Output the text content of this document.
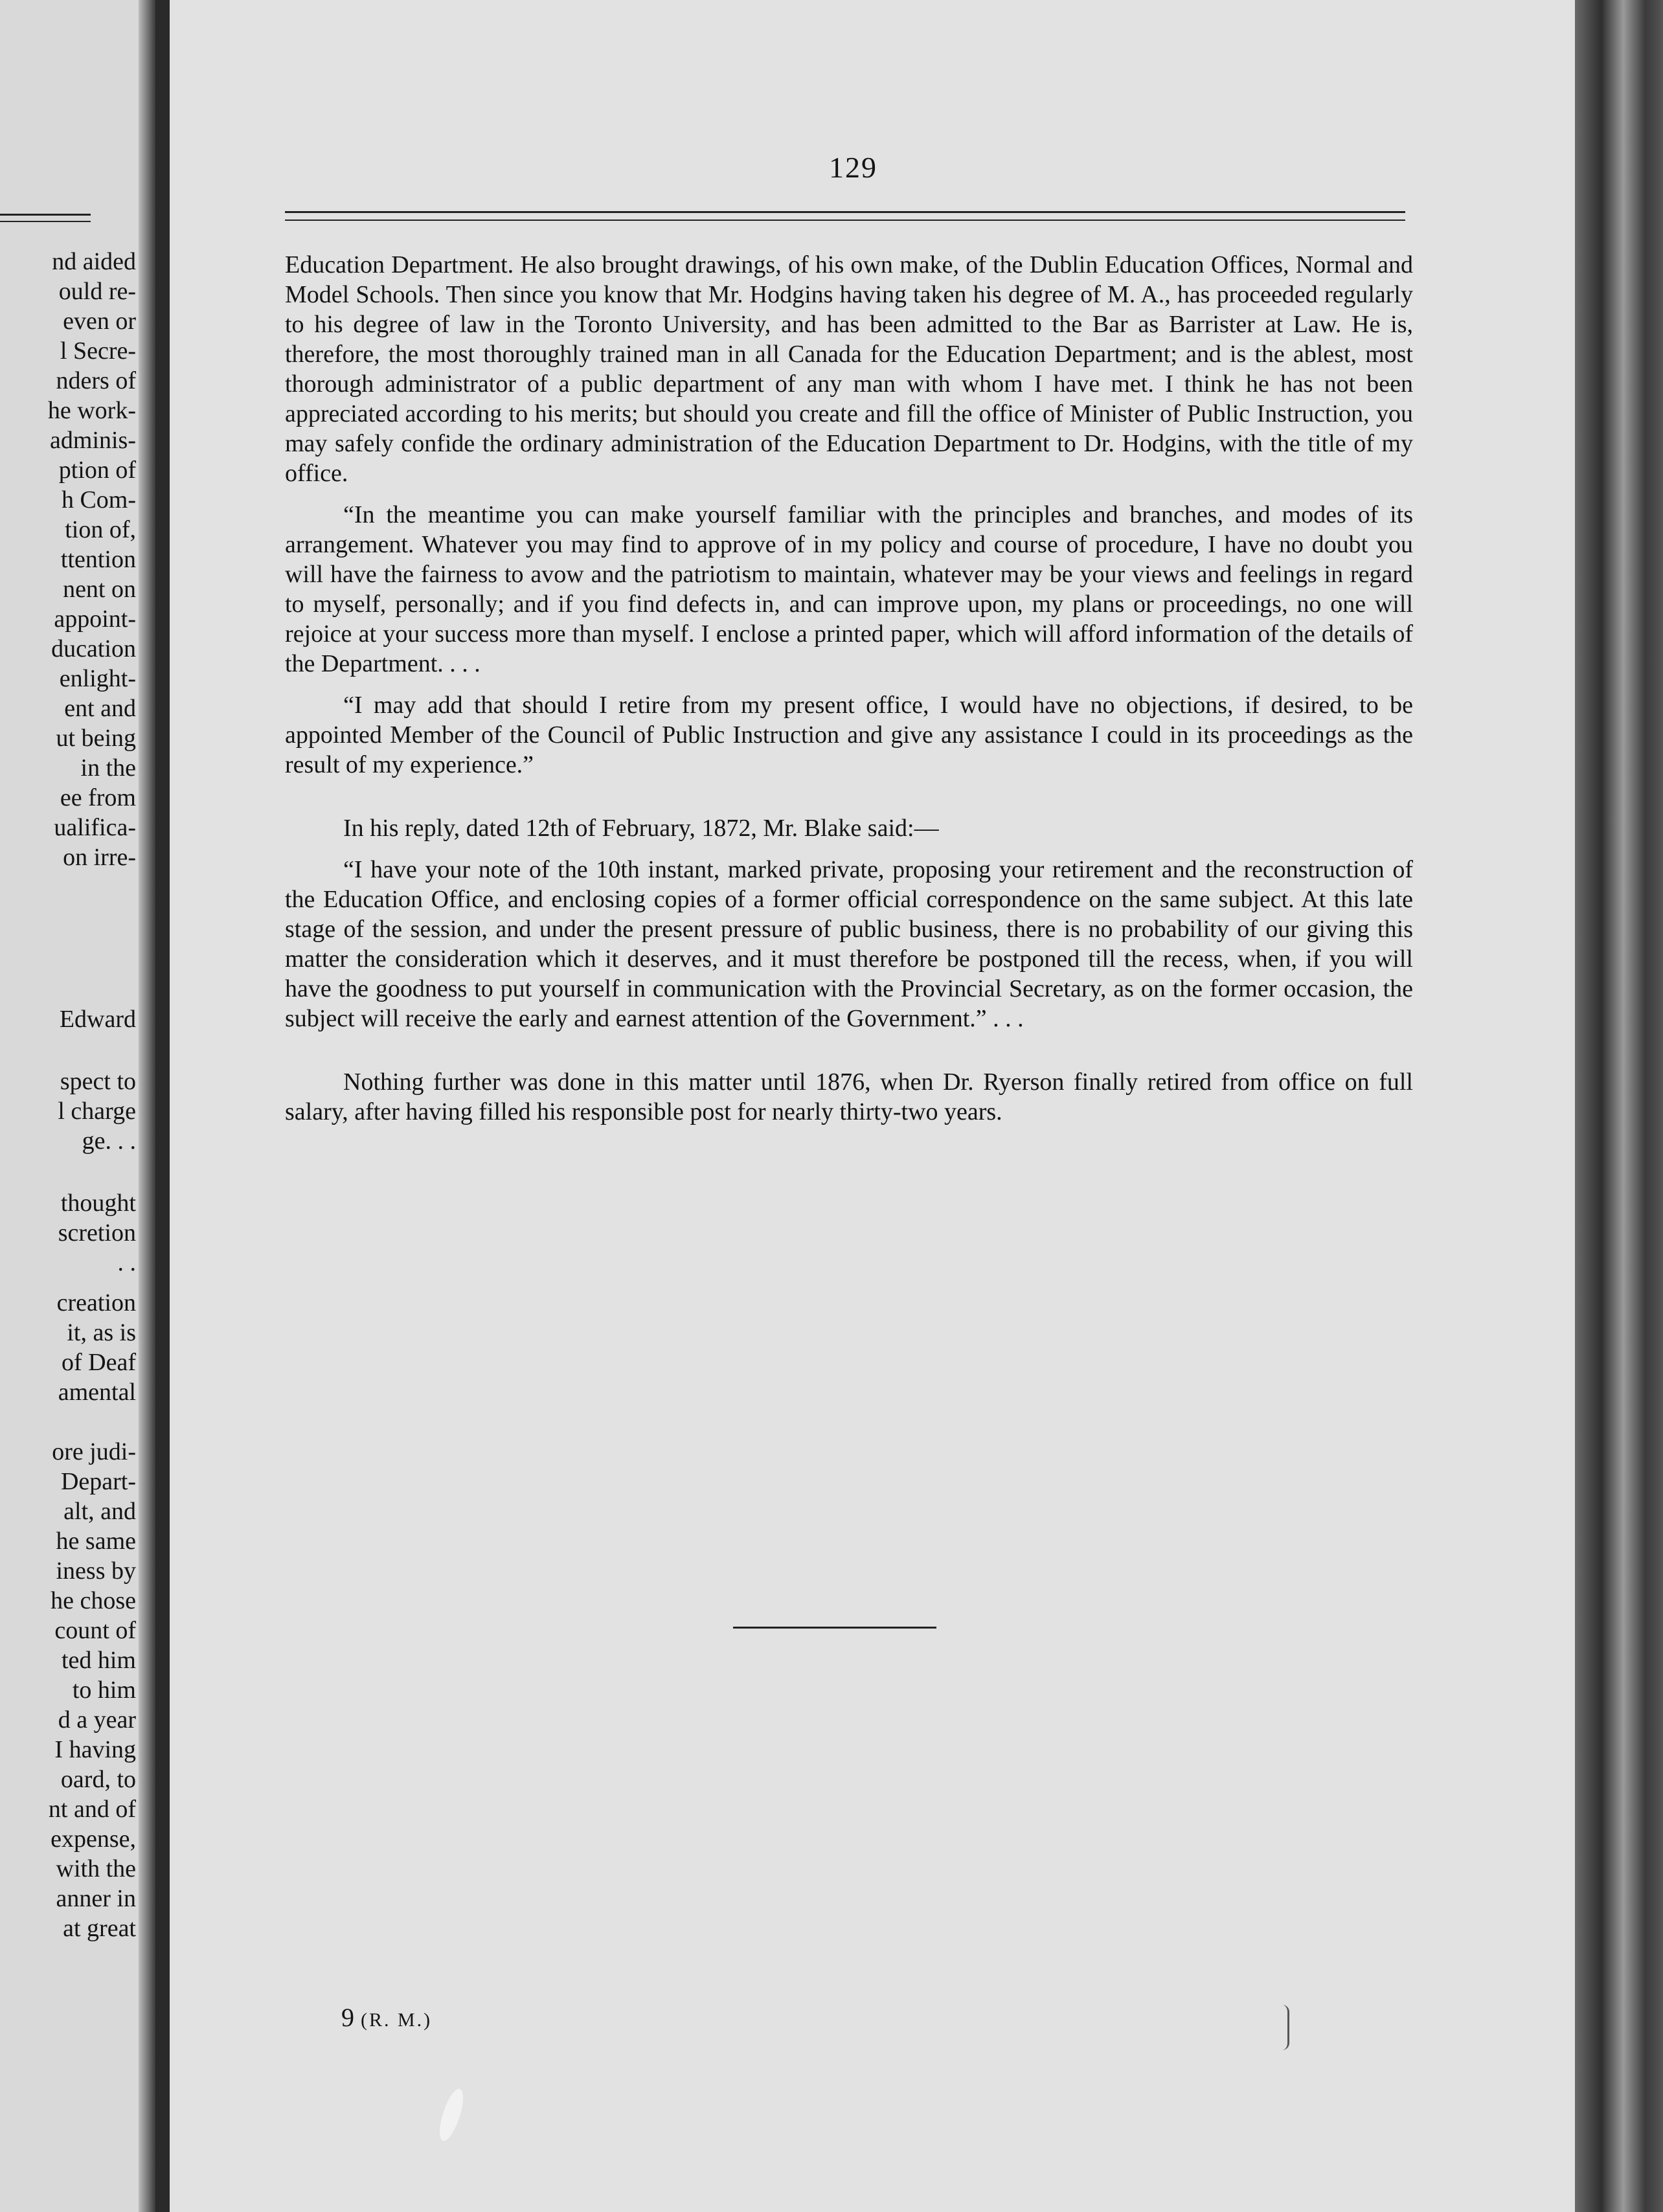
nd aided
ould re-
even or
l Secre-
nders of
he work-
adminis-
ption of
h Com-
tion of,
ttention
nent on
appoint-
ducation
enlight-
ent and
ut being
in the
ee from
ualifica-
on irre-
Edward
spect to
l charge
ge. . .
thought
scretion
. .
creation
it, as is
of Deaf
amental
ore judi-
Depart-
alt, and
he same
iness by
he chose
count of
ted him
to him
d a year
I having
oard, to
nt and of
expense,
with the
anner in
at great
129

Education Department. He also brought drawings, of his own make, of the Dublin Education Offices, Normal and Model Schools. Then since you know that Mr. Hodgins having taken his degree of M. A., has proceeded regularly to his degree of law in the Toronto University, and has been admitted to the Bar as Barrister at Law. He is, therefore, the most thoroughly trained man in all Canada for the Education Department; and is the ablest, most thorough administrator of a public department of any man with whom I have met. I think he has not been appreciated according to his merits; but should you create and fill the office of Minister of Public Instruction, you may safely confide the ordinary administration of the Education Department to Dr. Hodgins, with the title of my office.

“In the meantime you can make yourself familiar with the principles and branches, and modes of its arrangement. Whatever you may find to approve of in my policy and course of procedure, I have no doubt you will have the fairness to avow and the patriotism to maintain, whatever may be your views and feelings in regard to myself, personally; and if you find defects in, and can improve upon, my plans or proceedings, no one will rejoice at your success more than myself. I enclose a printed paper, which will afford information of the details of the Department. . . .

“I may add that should I retire from my present office, I would have no objections, if desired, to be appointed Member of the Council of Public Instruction and give any assistance I could in its proceedings as the result of my experience.”

In his reply, dated 12th of February, 1872, Mr. Blake said:—

“I have your note of the 10th instant, marked private, proposing your retirement and the reconstruction of the Education Office, and enclosing copies of a former official correspondence on the same subject. At this late stage of the session, and under the present pressure of public business, there is no probability of our giving this matter the consideration which it deserves, and it must therefore be postponed till the recess, when, if you will have the goodness to put yourself in communication with the Provincial Secretary, as on the former occasion, the subject will receive the early and earnest attention of the Government.” . . .

Nothing further was done in this matter until 1876, when Dr. Ryerson finally retired from office on full salary, after having filled his responsible post for nearly thirty-two years.

9 (R. M.)
